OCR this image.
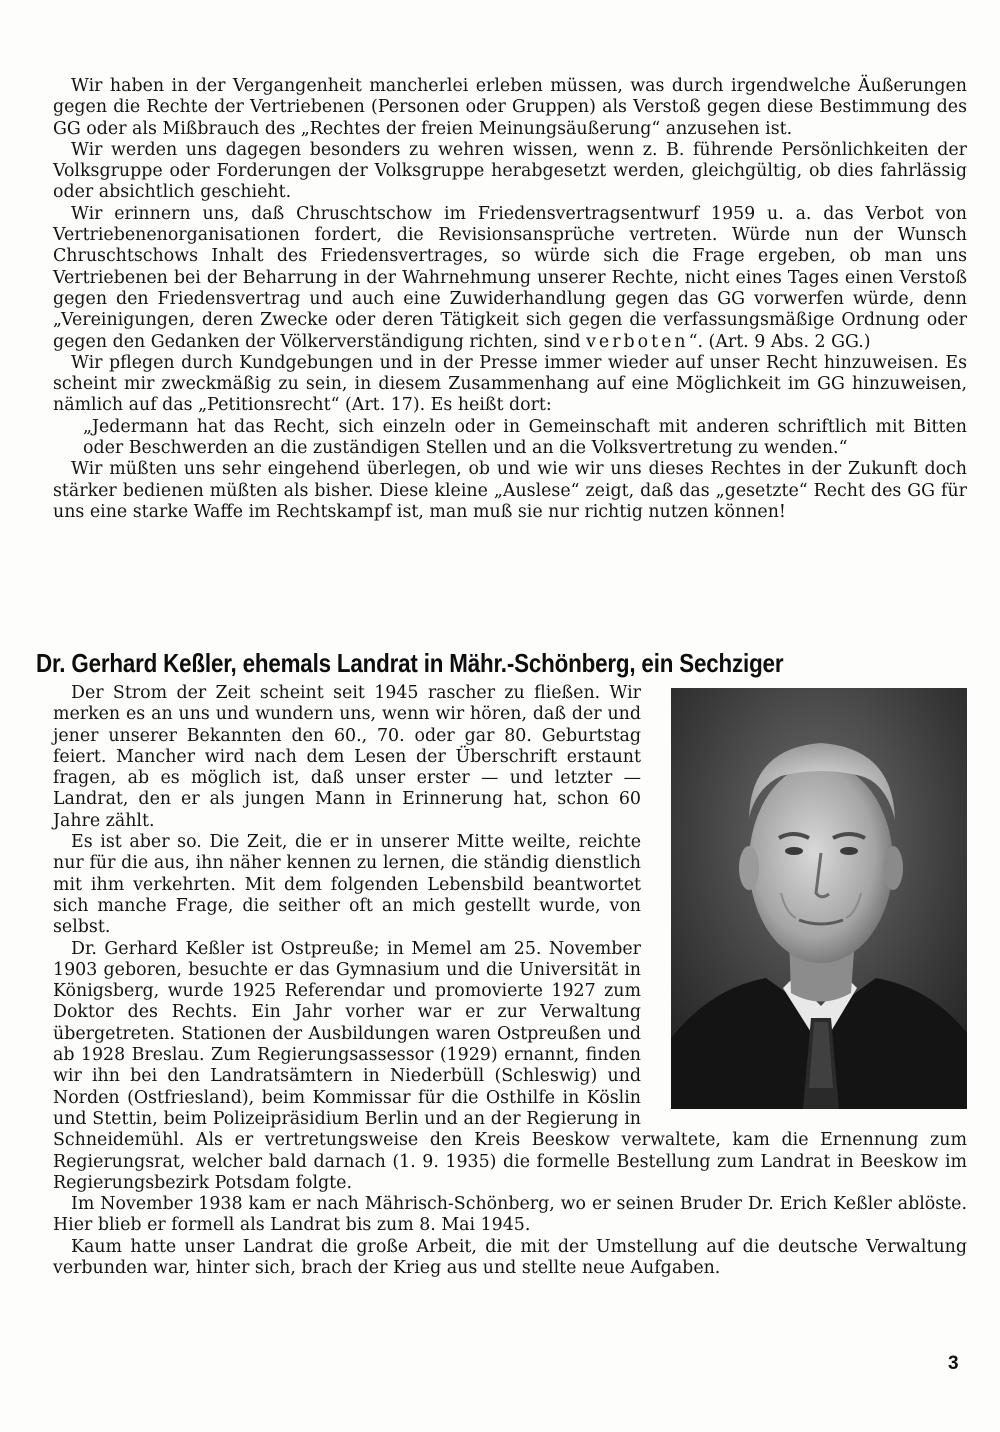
Wir haben in der Vergangenheit mancherlei erleben müssen, was durch irgendwelche Äußerungen gegen die Rechte der Vertriebenen (Personen oder Gruppen) als Verstoß gegen diese Bestimmung des GG oder als Mißbrauch des „Rechtes der freien Meinungsäußerung“ anzusehen ist.

Wir werden uns dagegen besonders zu wehren wissen, wenn z. B. führende Persönlichkeiten der Volksgruppe oder Forderungen der Volksgruppe herabgesetzt werden, gleichgültig, ob dies fahrlässig oder absichtlich geschieht.

Wir erinnern uns, daß Chruschtschow im Friedensvertragsentwurf 1959 u. a. das Verbot von Vertriebenenorganisationen fordert, die Revisionsansprüche vertreten. Würde nun der Wunsch Chruschtschows Inhalt des Friedensvertrages, so würde sich die Frage ergeben, ob man uns Vertriebenen bei der Beharrung in der Wahrnehmung unserer Rechte, nicht eines Tages einen Verstoß gegen den Friedensvertrag und auch eine Zuwiderhandlung gegen das GG vorwerfen würde, denn „Vereinigungen, deren Zwecke oder deren Tätigkeit sich gegen die verfassungsmäßige Ordnung oder gegen den Gedanken der Völkerverständigung richten, sind verboten“. (Art. 9 Abs. 2 GG.)

Wir pflegen durch Kundgebungen und in der Presse immer wieder auf unser Recht hinzuweisen. Es scheint mir zweckmäßig zu sein, in diesem Zusammenhang auf eine Möglichkeit im GG hinzuweisen, nämlich auf das „Petitionsrecht“ (Art. 17). Es heißt dort:

„Jedermann hat das Recht, sich einzeln oder in Gemeinschaft mit anderen schriftlich mit Bitten oder Beschwerden an die zuständigen Stellen und an die Volksvertretung zu wenden.“

Wir müßten uns sehr eingehend überlegen, ob und wie wir uns dieses Rechtes in der Zukunft doch stärker bedienen müßten als bisher. Diese kleine „Auslese“ zeigt, daß das „gesetzte“ Recht des GG für uns eine starke Waffe im Rechtskampf ist, man muß sie nur richtig nutzen können!

Dr. Gerhard Keßler, ehemals Landrat in Mähr.-Schönberg, ein Sechziger

Der Strom der Zeit scheint seit 1945 rascher zu fließen. Wir merken es an uns und wundern uns, wenn wir hören, daß der und jener unserer Bekannten den 60., 70. oder gar 80. Geburtstag feiert. Mancher wird nach dem Lesen der Überschrift erstaunt fragen, ab es möglich ist, daß unser erster — und letzter — Landrat, den er als jungen Mann in Erinnerung hat, schon 60 Jahre zählt.

Es ist aber so. Die Zeit, die er in unserer Mitte weilte, reichte nur für die aus, ihn näher kennen zu lernen, die ständig dienstlich mit ihm verkehrten. Mit dem folgenden Lebensbild beantwortet sich manche Frage, die seither oft an mich gestellt wurde, von selbst.

Dr. Gerhard Keßler ist Ostpreuße; in Memel am 25. November 1903 geboren, besuchte er das Gymnasium und die Universität in Königsberg, wurde 1925 Referendar und promovierte 1927 zum Doktor des Rechts. Ein Jahr vorher war er zur Verwaltung übergetreten. Stationen der Ausbildungen waren Ostpreußen und ab 1928 Breslau. Zum Regierungsassessor (1929) ernannt, finden wir ihn bei den Landratsämtern in Niederbüll (Schleswig) und Norden (Ostfriesland), beim Kommissar für die Osthilfe in Köslin und Stettin, beim Polizeipräsidium Berlin und an der Regierung in Schneidemühl. Als er vertretungsweise den Kreis Beeskow verwaltete, kam die Ernennung zum Regierungsrat, welcher bald darnach (1. 9. 1935) die formelle Bestellung zum Landrat in Beeskow im Regierungsbezirk Potsdam folgte.

Im November 1938 kam er nach Mährisch-Schönberg, wo er seinen Bruder Dr. Erich Keßler ablöste. Hier blieb er formell als Landrat bis zum 8. Mai 1945.

Kaum hatte unser Landrat die große Arbeit, die mit der Umstellung auf die deutsche Verwaltung verbunden war, hinter sich, brach der Krieg aus und stellte neue Aufgaben.

3
